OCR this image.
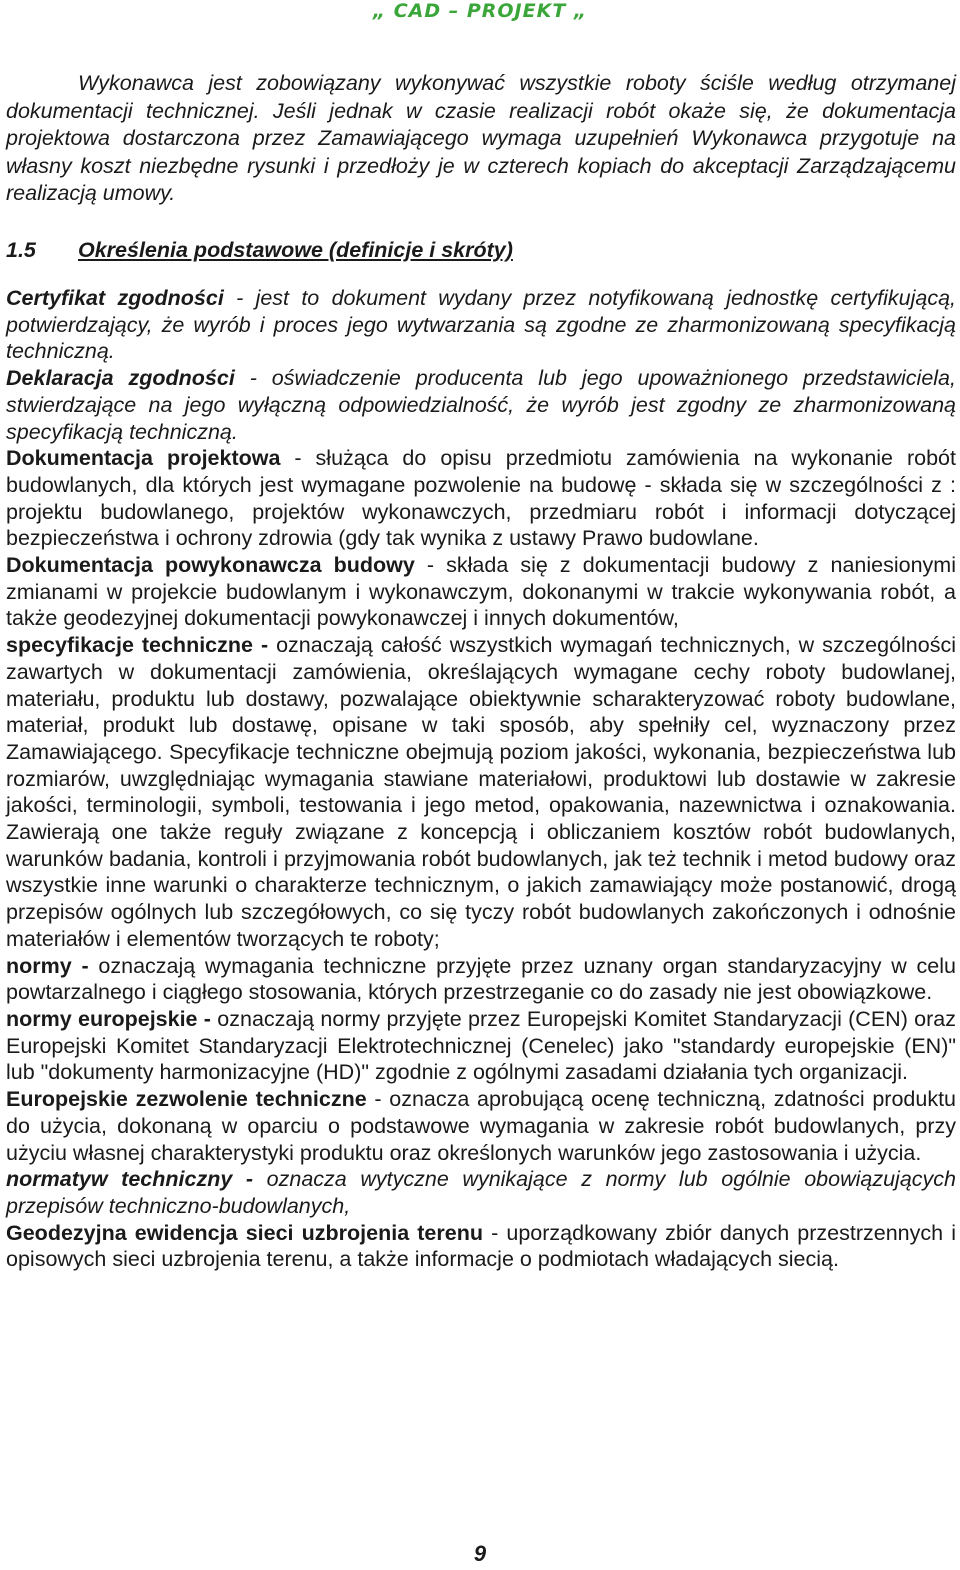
„ CAD – PROJEKT „

Wykonawca jest zobowiązany wykonywać wszystkie roboty ściśle według otrzymanej dokumentacji technicznej. Jeśli jednak w czasie realizacji robót okaże się, że dokumentacja projektowa dostarczona przez Zamawiającego wymaga uzupełnień Wykonawca przygotuje na własny koszt niezbędne rysunki i przedłoży je w czterech kopiach do akceptacji Zarządzającemu realizacją umowy.

1.5 Określenia podstawowe (definicje i skróty)

Certyfikat zgodności - jest to dokument wydany przez notyfikowaną jednostkę certyfikującą, potwierdzający, że wyrób i proces jego wytwarzania są zgodne ze zharmonizowaną specyfikacją techniczną.

Deklaracja zgodności - oświadczenie producenta lub jego upoważnionego przedstawiciela, stwierdzające na jego wyłączną odpowiedzialność, że wyrób jest zgodny ze zharmonizowaną specyfikacją techniczną.

Dokumentacja projektowa - służąca do opisu przedmiotu zamówienia na wykonanie robót budowlanych, dla których jest wymagane pozwolenie na budowę - składa się w szczególności z : projektu budowlanego, projektów wykonawczych, przedmiaru robót i informacji dotyczącej bezpieczeństwa i ochrony zdrowia (gdy tak wynika z ustawy Prawo budowlane.

Dokumentacja powykonawcza budowy - składa się z dokumentacji budowy z naniesionymi zmianami w projekcie budowlanym i wykonawczym, dokonanymi w trakcie wykonywania robót, a także geodezyjnej dokumentacji powykonawczej i innych dokumentów,

specyfikacje techniczne - oznaczają całość wszystkich wymagań technicznych, w szczególności zawartych w dokumentacji zamówienia, określających wymagane cechy roboty budowlanej, materiału, produktu lub dostawy, pozwalające obiektywnie scharakteryzować roboty budowlane, materiał, produkt lub dostawę, opisane w taki sposób, aby spełniły cel, wyznaczony przez Zamawiającego. Specyfikacje techniczne obejmują poziom jakości, wykonania, bezpieczeństwa lub rozmiarów, uwzględniając wymagania stawiane materiałowi, produktowi lub dostawie w zakresie jakości, terminologii, symboli, testowania i jego metod, opakowania, nazewnictwa i oznakowania. Zawierają one także reguły związane z koncepcją i obliczaniem kosztów robót budowlanych, warunków badania, kontroli i przyjmowania robót budowlanych, jak też technik i metod budowy oraz wszystkie inne warunki o charakterze technicznym, o jakich zamawiający może postanowić, drogą przepisów ogólnych lub szczegółowych, co się tyczy robót budowlanych zakończonych i odnośnie materiałów i elementów tworzących te roboty;

normy - oznaczają wymagania techniczne przyjęte przez uznany organ standaryzacyjny w celu powtarzalnego i ciągłego stosowania, których przestrzeganie co do zasady nie jest obowiązkowe.

normy europejskie - oznaczają normy przyjęte przez Europejski Komitet Standaryzacji (CEN) oraz Europejski Komitet Standaryzacji Elektrotechnicznej (Cenelec) jako "standardy europejskie (EN)" lub "dokumenty harmonizacyjne (HD)" zgodnie z ogólnymi zasadami działania tych organizacji.

Europejskie zezwolenie techniczne - oznacza aprobującą ocenę techniczną, zdatności produktu do użycia, dokonaną w oparciu o podstawowe wymagania w zakresie robót budowlanych, przy użyciu własnej charakterystyki produktu oraz określonych warunków jego zastosowania i użycia.

normatyw techniczny - oznacza wytyczne wynikające z normy lub ogólnie obowiązujących przepisów techniczno-budowlanych,

Geodezyjna ewidencja sieci uzbrojenia terenu - uporządkowany zbiór danych przestrzennych i opisowych sieci uzbrojenia terenu, a także informacje o podmiotach władających siecią.

9
